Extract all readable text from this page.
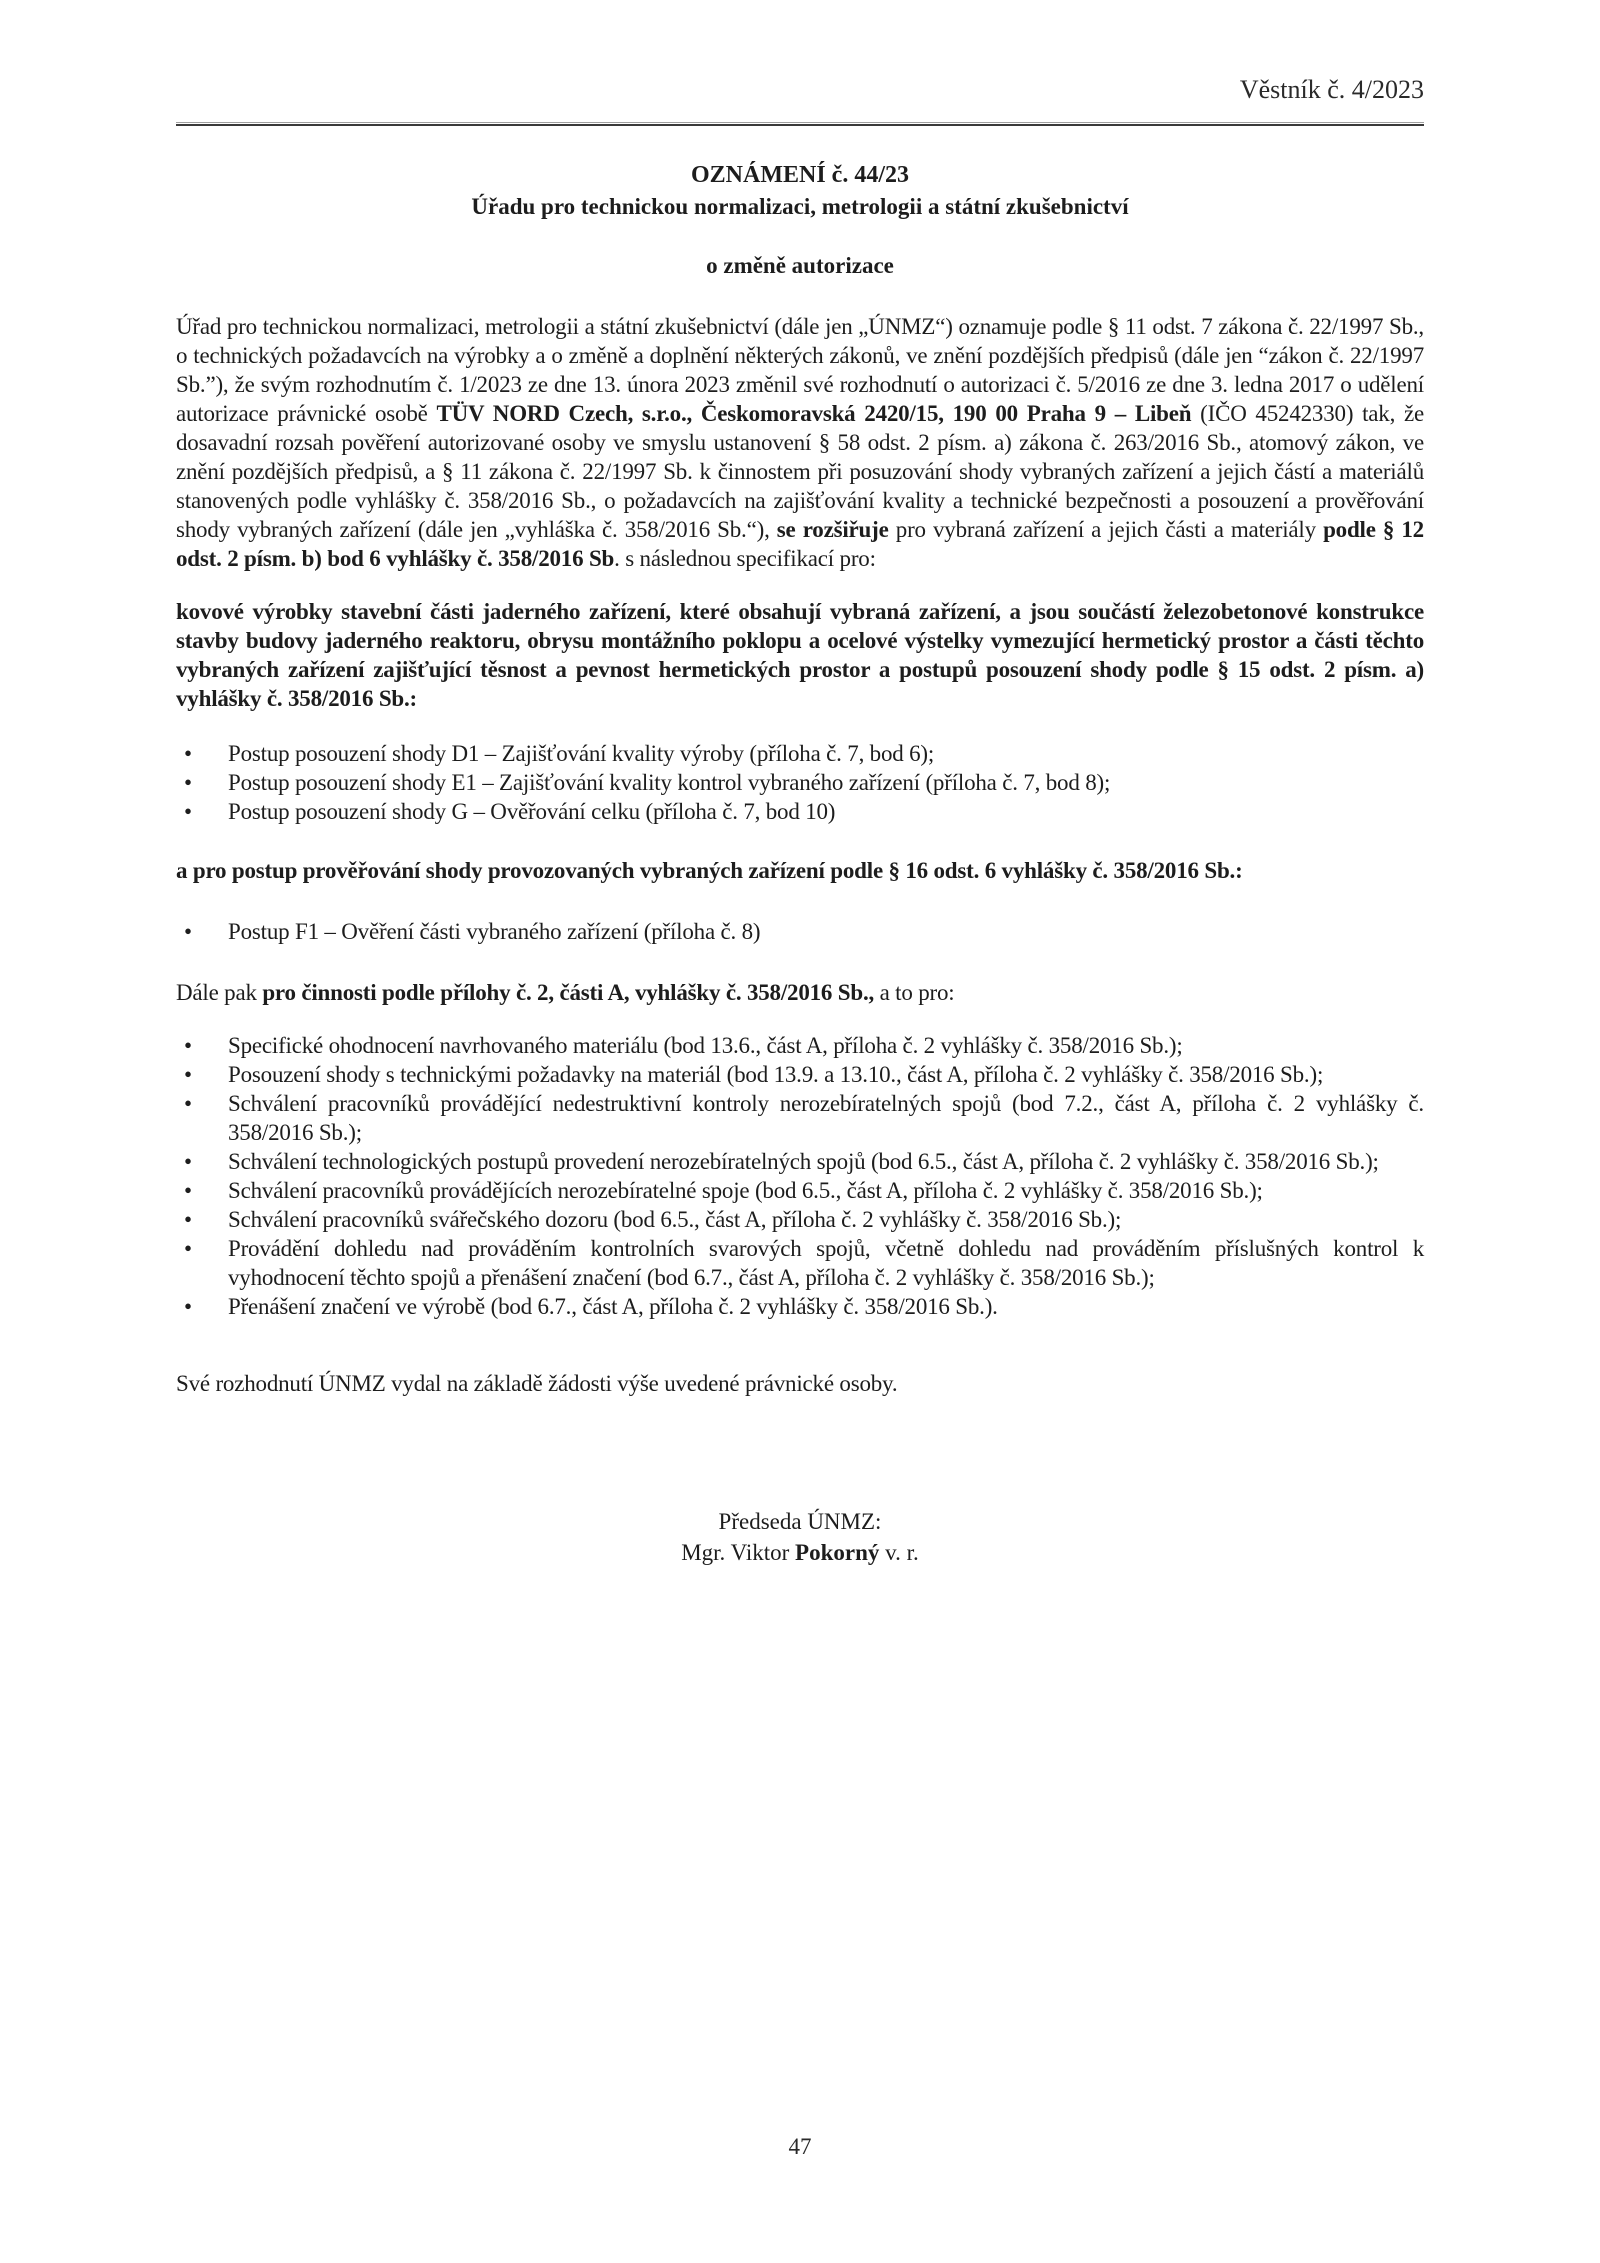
Věstník č. 4/2023
OZNÁMENÍ č. 44/23
Úřadu pro technickou normalizaci, metrologii a státní zkušebnictví
o změně autorizace

Úřad pro technickou normalizaci, metrologii a státní zkušebnictví (dále jen „ÚNMZ“) oznamuje podle § 11 odst. 7 zákona č. 22/1997 Sb., o technických požadavcích na výrobky a o změně a doplnění některých zákonů, ve znění pozdějších předpisů (dále jen “zákon č. 22/1997 Sb.”), že svým rozhodnutím č. 1/2023 ze dne 13. února 2023 změnil své rozhodnutí o autorizaci č. 5/2016 ze dne 3. ledna 2017 o udělení autorizace právnické osobě TÜV NORD Czech, s.r.o., Českomoravská 2420/15, 190 00 Praha 9 – Libeň (IČO 45242330) tak, že dosavadní rozsah pověření autorizované osoby ve smyslu ustanovení § 58 odst. 2 písm. a) zákona č. 263/2016 Sb., atomový zákon, ve znění pozdějších předpisů, a § 11 zákona č. 22/1997 Sb. k činnostem při posuzování shody vybraných zařízení a jejich částí a materiálů stanovených podle vyhlášky č. 358/2016 Sb., o požadavcích na zajišťování kvality a technické bezpečnosti a posouzení a prověřování shody vybraných zařízení (dále jen „vyhláška č. 358/2016 Sb.“), se rozšiřuje pro vybraná zařízení a jejich části a materiály podle § 12 odst. 2 písm. b) bod 6 vyhlášky č. 358/2016 Sb. s následnou specifikací pro:

kovové výrobky stavební části jaderného zařízení, které obsahují vybraná zařízení, a jsou součástí železobetonové konstrukce stavby budovy jaderného reaktoru, obrysu montážního poklopu a ocelové výstelky vymezující hermetický prostor a části těchto vybraných zařízení zajišťující těsnost a pevnost hermetických prostor a postupů posouzení shody podle § 15 odst. 2 písm. a) vyhlášky č. 358/2016 Sb.:

• Postup posouzení shody D1 – Zajišťování kvality výroby (příloha č. 7, bod 6);
• Postup posouzení shody E1 – Zajišťování kvality kontrol vybraného zařízení (příloha č. 7, bod 8);
• Postup posouzení shody G – Ověřování celku (příloha č. 7, bod 10)

a pro postup prověřování shody provozovaných vybraných zařízení podle § 16 odst. 6 vyhlášky č. 358/2016 Sb.:

• Postup F1 – Ověření části vybraného zařízení (příloha č. 8)

Dále pak pro činnosti podle přílohy č. 2, části A, vyhlášky č. 358/2016 Sb., a to pro:

• Specifické ohodnocení navrhovaného materiálu (bod 13.6., část A, příloha č. 2 vyhlášky č. 358/2016 Sb.);
• Posouzení shody s technickými požadavky na materiál (bod 13.9. a 13.10., část A, příloha č. 2 vyhlášky č. 358/2016 Sb.);
• Schválení pracovníků provádějící nedestruktivní kontroly nerozebíratelných spojů (bod 7.2., část A, příloha č. 2 vyhlášky č. 358/2016 Sb.);
• Schválení technologických postupů provedení nerozebíratelných spojů (bod 6.5., část A, příloha č. 2 vyhlášky č. 358/2016 Sb.);
• Schválení pracovníků provádějících nerozebíratelné spoje (bod 6.5., část A, příloha č. 2 vyhlášky č. 358/2016 Sb.);
• Schválení pracovníků svářečského dozoru (bod 6.5., část A, příloha č. 2 vyhlášky č. 358/2016 Sb.);
• Provádění dohledu nad prováděním kontrolních svarových spojů, včetně dohledu nad prováděním příslušných kontrol k vyhodnocení těchto spojů a přenášení značení (bod 6.7., část A, příloha č. 2 vyhlášky č. 358/2016 Sb.);
• Přenášení značení ve výrobě (bod 6.7., část A, příloha č. 2 vyhlášky č. 358/2016 Sb.).

Své rozhodnutí ÚNMZ vydal na základě žádosti výše uvedené právnické osoby.

Předseda ÚNMZ:
Mgr. Viktor Pokorný v. r.
47
